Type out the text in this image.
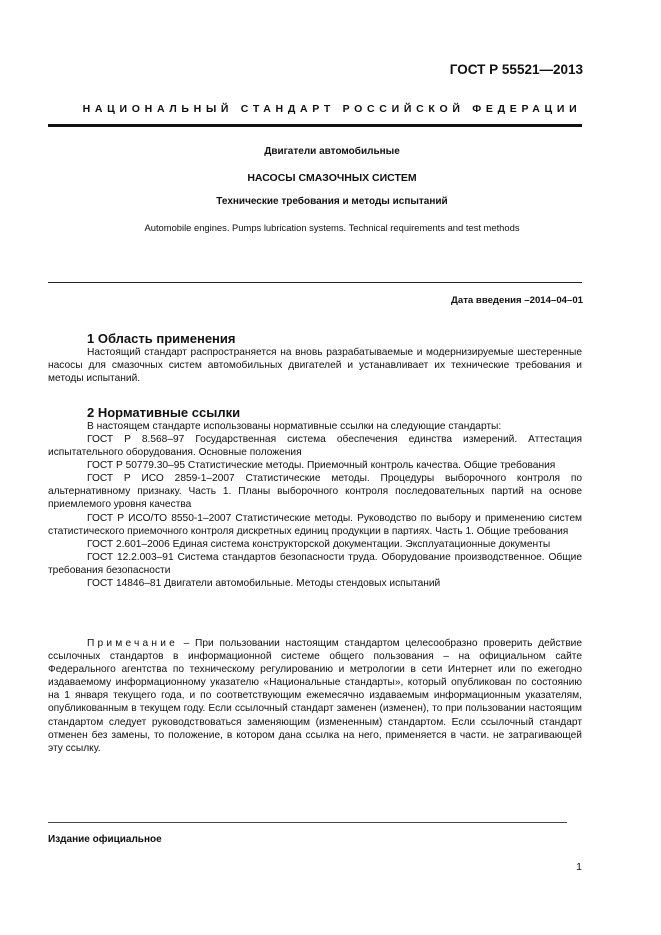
ГОСТ Р 55521—2013
НАЦИОНАЛЬНЫЙ СТАНДАРТ РОССИЙСКОЙ ФЕДЕРАЦИИ
Двигатели автомобильные
НАСОСЫ СМАЗОЧНЫХ СИСТЕМ
Технические требования и методы испытаний
Automobile engines. Pumps lubrication systems. Technical requirements and test methods
Дата введения –2014–04–01
1 Область применения
Настоящий стандарт распространяется на вновь разрабатываемые и модернизируемые шестеренные насосы для смазочных систем автомобильных двигателей и устанавливает их технические требования и методы испытаний.
2 Нормативные ссылки
В настоящем стандарте использованы нормативные ссылки на следующие стандарты:
ГОСТ Р 8.568–97 Государственная система обеспечения единства измерений. Аттестация испытательного оборудования. Основные положения
ГОСТ Р 50779.30–95 Статистические методы. Приемочный контроль качества. Общие требования
ГОСТ Р ИСО 2859-1–2007 Статистические методы. Процедуры выборочного контроля по альтернативному признаку. Часть 1. Планы выборочного контроля последовательных партий на основе приемлемого уровня качества
ГОСТ Р ИСО/ТО 8550-1–2007 Статистические методы. Руководство по выбору и применению систем статистического приемочного контроля дискретных единиц продукции в партиях. Часть 1. Общие требования
ГОСТ 2.601–2006 Единая система конструкторской документации. Эксплуатационные документы
ГОСТ 12.2.003–91 Система стандартов безопасности труда. Оборудование производственное. Общие требования безопасности
ГОСТ 14846–81 Двигатели автомобильные. Методы стендовых испытаний
Примечание – При пользовании настоящим стандартом целесообразно проверить действие ссылочных стандартов в информационной системе общего пользования – на официальном сайте Федерального агентства по техническому регулированию и метрологии в сети Интернет или по ежегодно издаваемому информационному указателю «Национальные стандарты», который опубликован по состоянию на 1 января текущего года, и по соответствующим ежемесячно издаваемым информационным указателям, опубликованным в текущем году. Если ссылочный стандарт заменен (изменен), то при пользовании настоящим стандартом следует руководствоваться заменяющим (измененным) стандартом. Если ссылочный стандарт отменен без замены, то положение, в котором дана ссылка на него, применяется в части. не затрагивающей эту ссылку.
Издание официальное
1
